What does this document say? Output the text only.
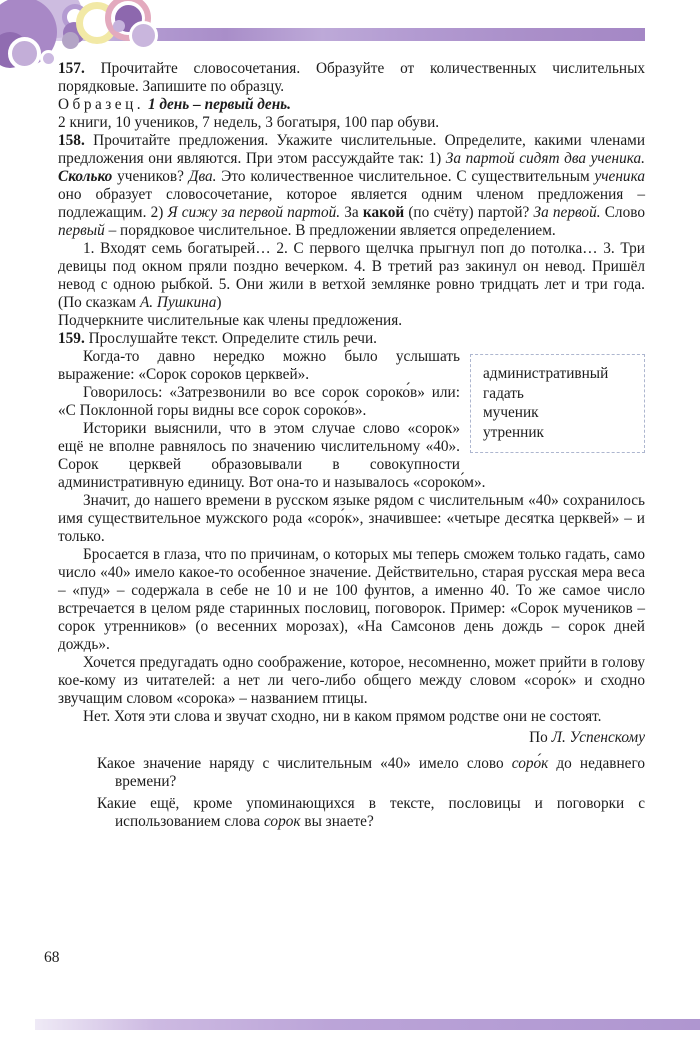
157. Прочитайте словосочетания. Образуйте от количественных числительных порядковые. Запишите по образцу.

Образец. 1 день – первый день.

2 книги, 10 учеников, 7 недель, 3 богатыря, 100 пар обуви.

158. Прочитайте предложения. Укажите числительные. Определите, какими членами предложения они являются. При этом рассуждайте так: 1) За партой сидят два ученика. Сколько учеников? Два. Это количественное числительное. С существительным ученика оно образует словосочетание, которое является одним членом предложения – подлежащим. 2) Я сижу за первой партой. За какой (по счёту) партой? За первой. Слово первый – порядковое числительное. В предложении является определением.

1. Входят семь богатырей… 2. С первого щелчка прыгнул поп до потолка… 3. Три девицы под окном пряли поздно вечерком. 4. В третий раз закинул он невод. Пришёл невод с одною рыбкой. 5. Они жили в ветхой землянке ровно тридцать лет и три года. (По сказкам А. Пушкина)

Подчеркните числительные как члены предложения.

159. Прослушайте текст. Определите стиль речи.

административный
гадать
мученик
утренник

Когда-то давно нередко можно было услышать выражение: «Сорок сороко́в церквей».

Говорилось: «Затрезвонили во все сорок сороко́в» или: «С Поклонной горы видны все сорок сороко́в».

Историки выяснили, что в этом случае слово «сорок» ещё не вполне равнялось по значению числительному «40». Сорок церквей образовывали в совокупности административную единицу. Вот она-то и называлось «сороко́м».

Значит, до нашего времени в русском языке рядом с числительным «40» сохранилось имя существительное мужского рода «соро́к», значившее: «четыре десятка церквей» – и только.

Бросается в глаза, что по причинам, о которых мы теперь сможем только гадать, само число «40» имело какое-то особенное значение. Действительно, старая русская мера веса – «пуд» – содержала в себе не 10 и не 100 фунтов, а именно 40. То же самое число встречается в целом ряде старинных пословиц, поговорок. Пример: «Сорок мучеников – сорок утренников» (о весенних морозах), «На Самсонов день дождь – сорок дней дождь».

Хочется предугадать одно соображение, которое, несомненно, может прийти в голову кое-кому из читателей: а нет ли чего-либо общего между словом «соро́к» и сходно звучащим словом «сорока» – названием птицы.

Нет. Хотя эти слова и звучат сходно, ни в каком прямом родстве они не состоят.

По Л. Успенскому

Какое значение наряду с числительным «40» имело слово соро́к до недавнего времени?

Какие ещё, кроме упоминающихся в тексте, пословицы и поговорки с использованием слова сорок вы знаете?

68
